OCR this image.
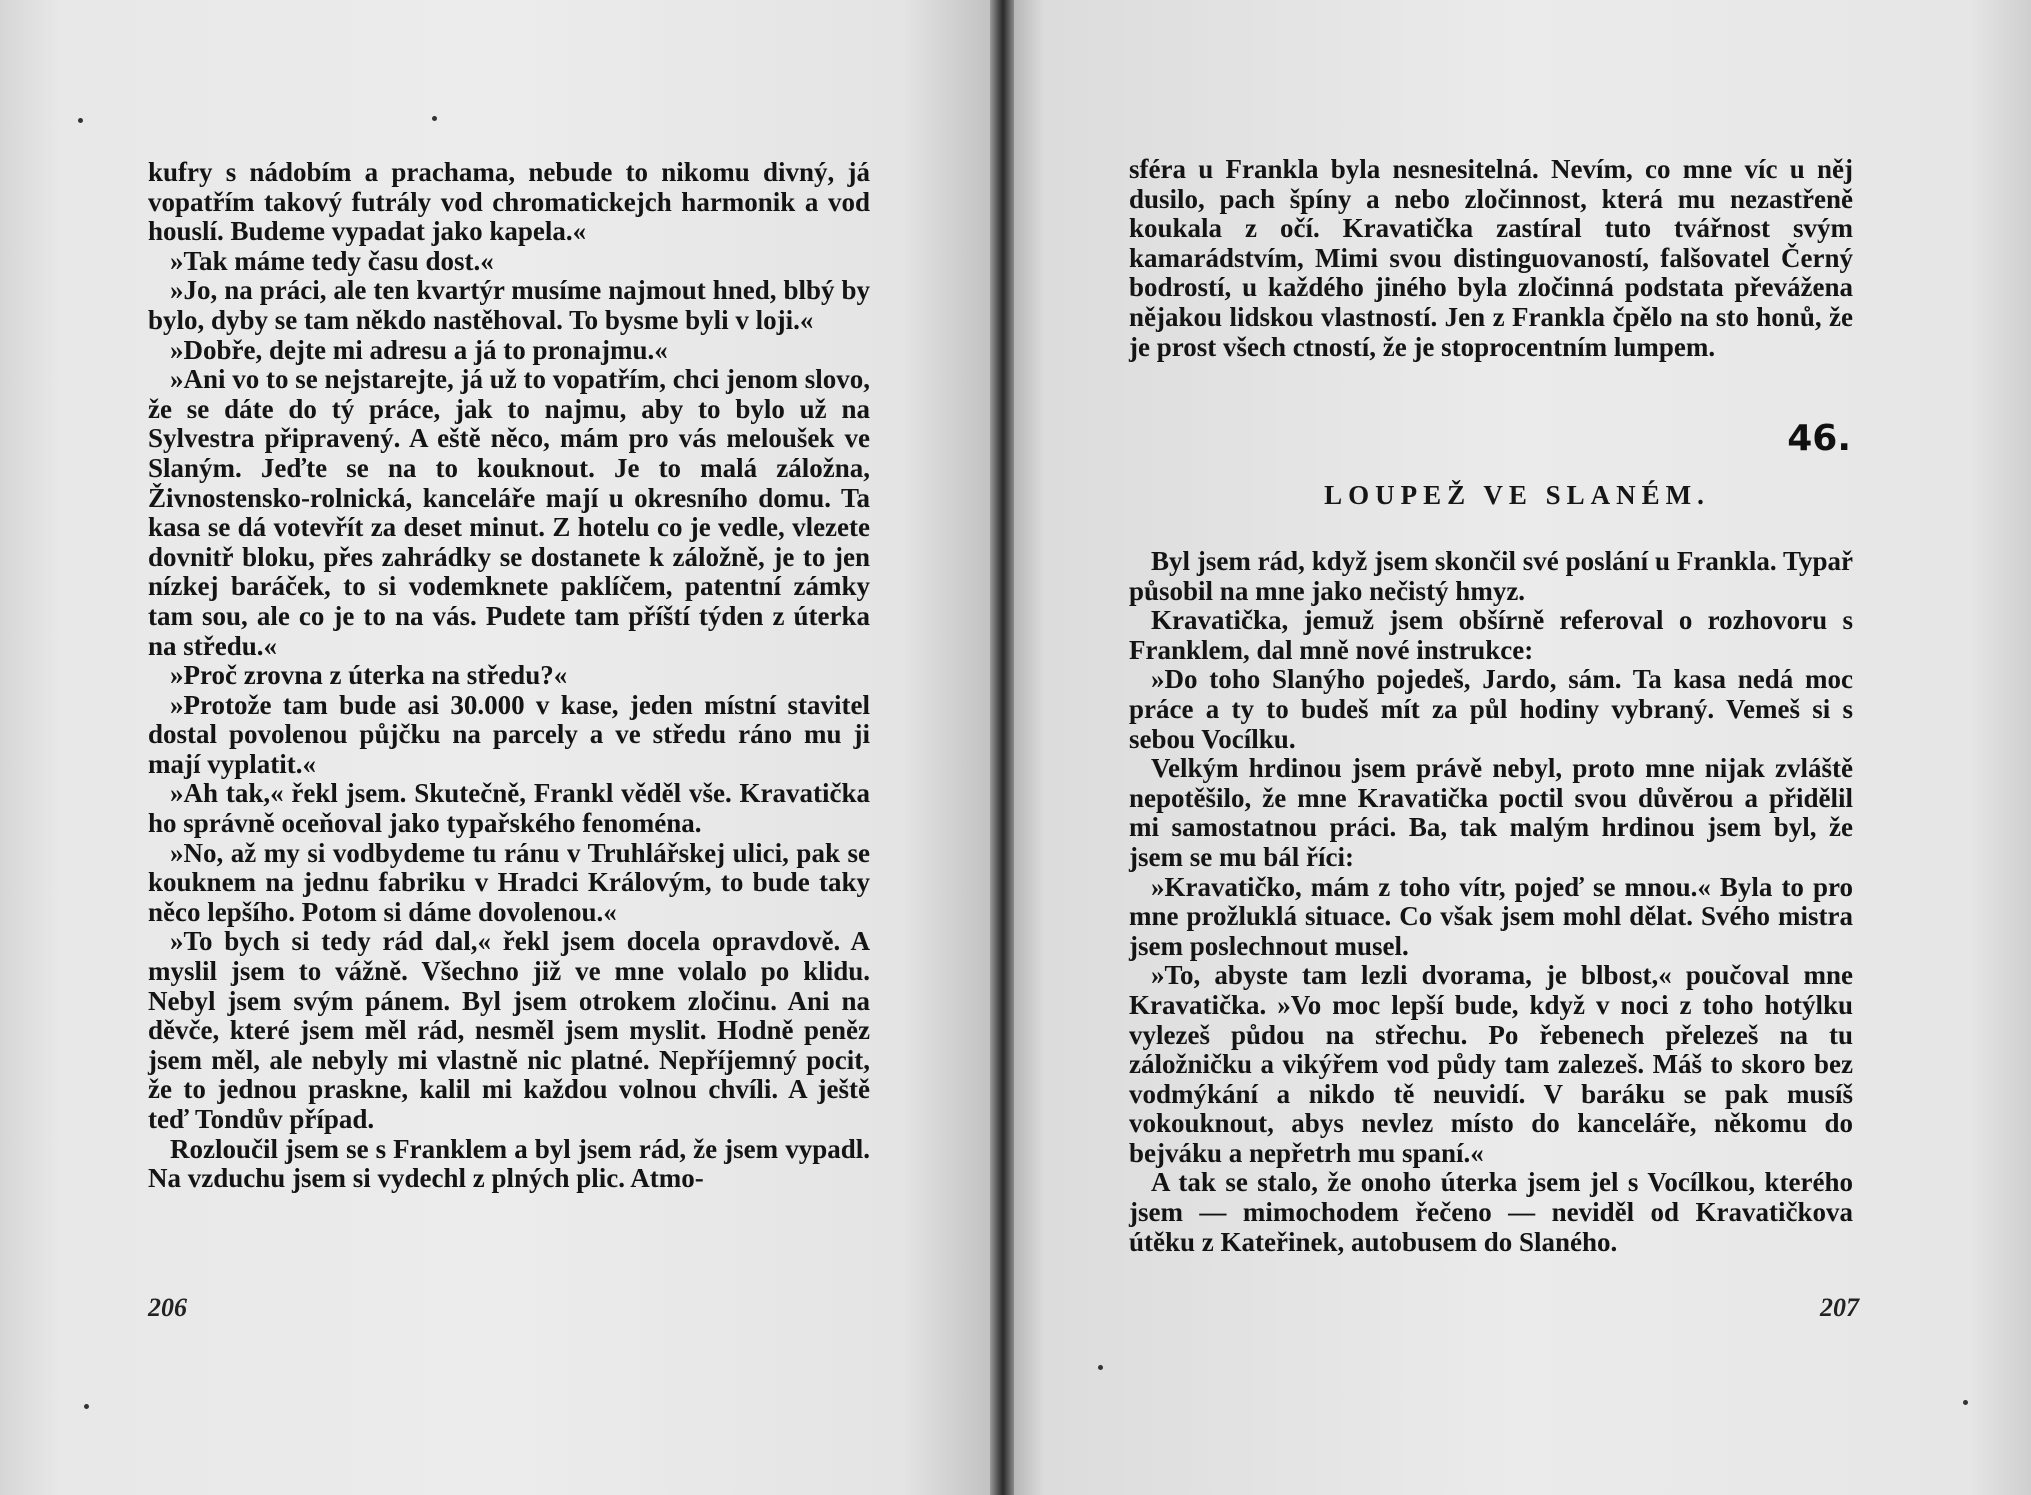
kufry s nádobím a prachama, nebude to nikomu divný, já vopatřím takový futrály vod chromatickejch harmonik a vod houslí. Budeme vypadat jako kapela.«

»Tak máme tedy času dost.«

»Jo, na práci, ale ten kvartýr musíme najmout hned, blbý by bylo, dyby se tam někdo nastěhoval. To bysme byli v loji.«

»Dobře, dejte mi adresu a já to pronajmu.«

»Ani vo to se nejstarejte, já už to vopatřím, chci jenom slovo, že se dáte do tý práce, jak to najmu, aby to bylo už na Sylvestra připravený. A eště něco, mám pro vás meloušek ve Slaným. Jeďte se na to kouknout. Je to malá záložna, Živnostensko-rolnická, kanceláře mají u okresního domu. Ta kasa se dá votevřít za deset minut. Z hotelu co je vedle, vlezete dovnitř bloku, přes zahrádky se dostanete k záložně, je to jen nízkej baráček, to si vodemknete paklíčem, patentní zámky tam sou, ale co je to na vás. Pudete tam příští týden z úterka na středu.«

»Proč zrovna z úterka na středu?«

»Protože tam bude asi 30.000 v kase, jeden místní stavitel dostal povolenou půjčku na parcely a ve středu ráno mu ji mají vyplatit.«

»Ah tak,« řekl jsem. Skutečně, Frankl věděl vše. Kravatička ho správně oceňoval jako typařského fenoména.

»No, až my si vodbydeme tu ránu v Truhlářskej ulici, pak se kouknem na jednu fabriku v Hradci Královým, to bude taky něco lepšího. Potom si dáme dovolenou.«

»To bych si tedy rád dal,« řekl jsem docela opravdově. A myslil jsem to vážně. Všechno již ve mne volalo po klidu. Nebyl jsem svým pánem. Byl jsem otrokem zločinu. Ani na děvče, které jsem měl rád, nesměl jsem myslit. Hodně peněz jsem měl, ale nebyly mi vlastně nic platné. Nepříjemný pocit, že to jednou praskne, kalil mi každou volnou chvíli. A ještě teď Tondův případ.

Rozloučil jsem se s Franklem a byl jsem rád, že jsem vypadl. Na vzduchu jsem si vydechl z plných plic. Atmo-

206

sféra u Frankla byla nesnesitelná. Nevím, co mne víc u něj dusilo, pach špíny a nebo zločinnost, která mu nezastřeně koukala z očí. Kravatička zastíral tuto tvářnost svým kamarádstvím, Mimi svou distinguovaností, falšovatel Černý bodrostí, u každého jiného byla zločinná podstata převážena nějakou lidskou vlastností. Jen z Frankla čpělo na sto honů, že je prost všech ctností, že je stoprocentním lumpem.

46.
LOUPEŽ VE SLANÉM.

Byl jsem rád, když jsem skončil své poslání u Frankla. Typař působil na mne jako nečistý hmyz.

Kravatička, jemuž jsem obšírně referoval o rozhovoru s Franklem, dal mně nové instrukce:

»Do toho Slanýho pojedeš, Jardo, sám. Ta kasa nedá moc práce a ty to budeš mít za půl hodiny vybraný. Vemeš si s sebou Vocílku.

Velkým hrdinou jsem právě nebyl, proto mne nijak zvláště nepotěšilo, že mne Kravatička poctil svou důvěrou a přidělil mi samostatnou práci. Ba, tak malým hrdinou jsem byl, že jsem se mu bál říci:

»Kravatičko, mám z toho vítr, pojeď se mnou.« Byla to pro mne prožluklá situace. Co však jsem mohl dělat. Svého mistra jsem poslechnout musel.

»To, abyste tam lezli dvorama, je blbost,« poučoval mne Kravatička. »Vo moc lepší bude, když v noci z toho hotýlku vylezeš půdou na střechu. Po řebenech přelezeš na tu záložničku a vikýřem vod půdy tam zalezeš. Máš to skoro bez vodmýkání a nikdo tě neuvidí. V baráku se pak musíš vokouknout, abys nevlez místo do kanceláře, někomu do bejváku a nepřetrh mu spaní.«

A tak se stalo, že onoho úterka jsem jel s Vocílkou, kterého jsem — mimochodem řečeno — neviděl od Kravatičkova útěku z Kateřinek, autobusem do Slaného.

207
